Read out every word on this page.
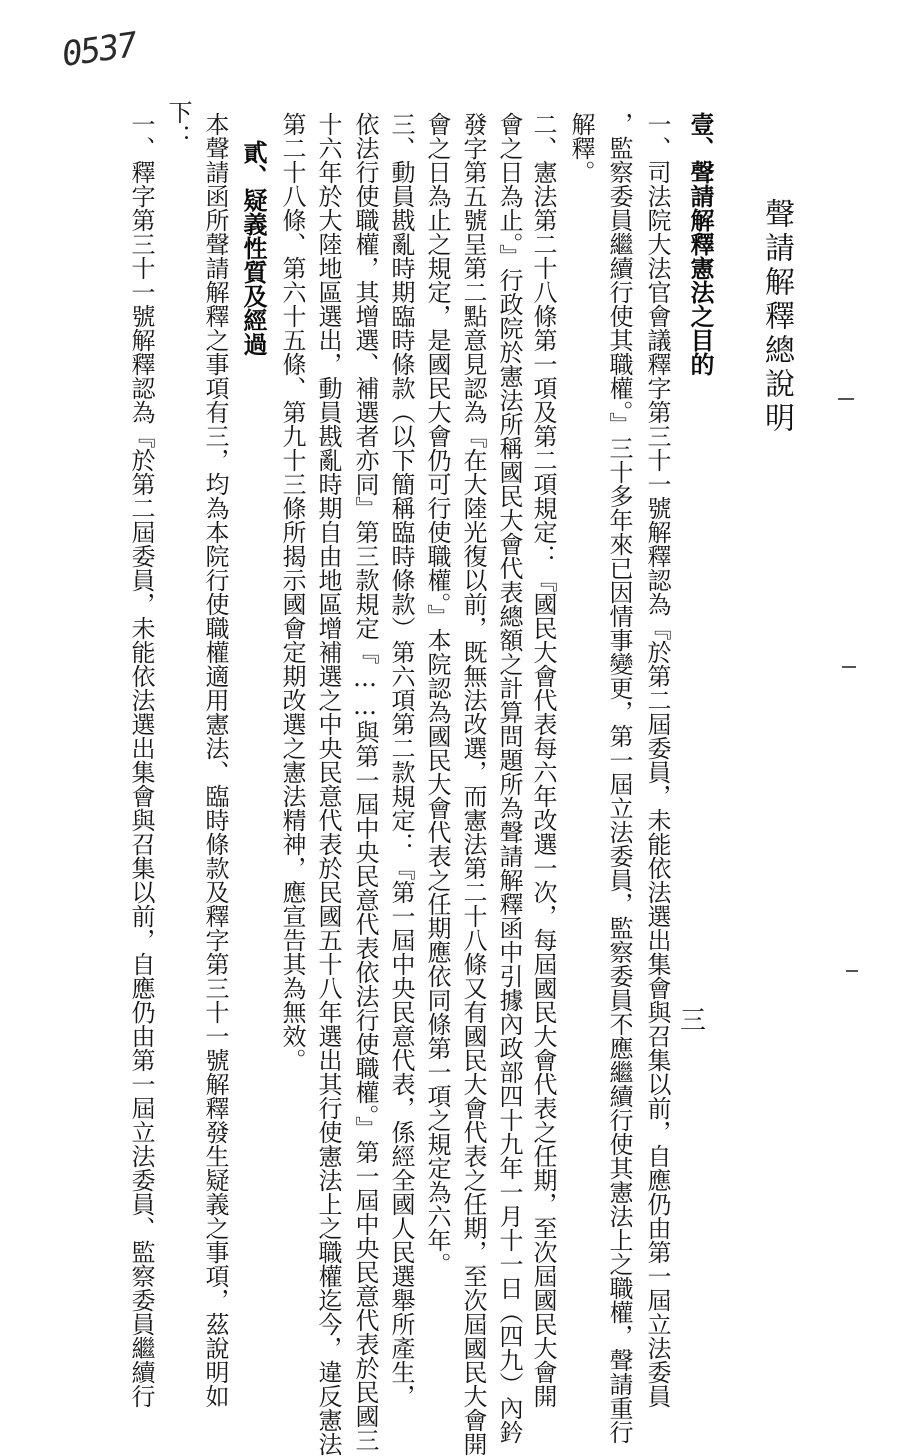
0537
聲請解釋總說明
壹、聲請解釋憲法之目的
一、司法院大法官會議釋字第三十一號解釋認為『於第二屆委員，未能依法選出集會與召集以前，自應仍由第一屆立法委員
，監察委員繼續行使其職權。』三十多年來已因情事變更，第一屆立法委員，監察委員不應繼續行使其憲法上之職權，聲請重行
解釋。
二、憲法第二十八條第一項及第二項規定：『國民大會代表每六年改選一次，每屆國民大會代表之任期，至次屆國民大會開
會之日為止。』行政院於憲法所稱國民大會代表總額之計算問題所為聲請解釋函中引據內政部四十九年一月十一日（四九）內鈐
發字第五號呈第二點意見認為『在大陸光復以前，既無法改選，而憲法第二十八條又有國民大會代表之任期，至次屆國民大會開
會之日為止之規定，是國民大會仍可行使職權。』本院認為國民大會代表之任期應依同條第一項之規定為六年。
三、動員戡亂時期臨時條款（以下簡稱臨時條款）第六項第二款規定：『第一屆中央民意代表，係經全國人民選舉所產生，
依法行使職權，其增選、補選者亦同』第三款規定『……與第一屆中央民意代表依法行使職權。』第一屆中央民意代表於民國三
十六年於大陸地區選出，動員戡亂時期自由地區增補選之中央民意代表於民國五十八年選出其行使憲法上之職權迄今，違反憲法
第二十八條、第六十五條、第九十三條所揭示國會定期改選之憲法精神，應宣告其為無效。
貳、疑義性質及經過
本聲請函所聲請解釋之事項有三，均為本院行使職權適用憲法、臨時條款及釋字第三十一號解釋發生疑義之事項，茲說明如
下：
一、釋字第三十一號解釋認為『於第二屆委員，未能依法選出集會與召集以前，自應仍由第一屆立法委員、監察委員繼續行	三
